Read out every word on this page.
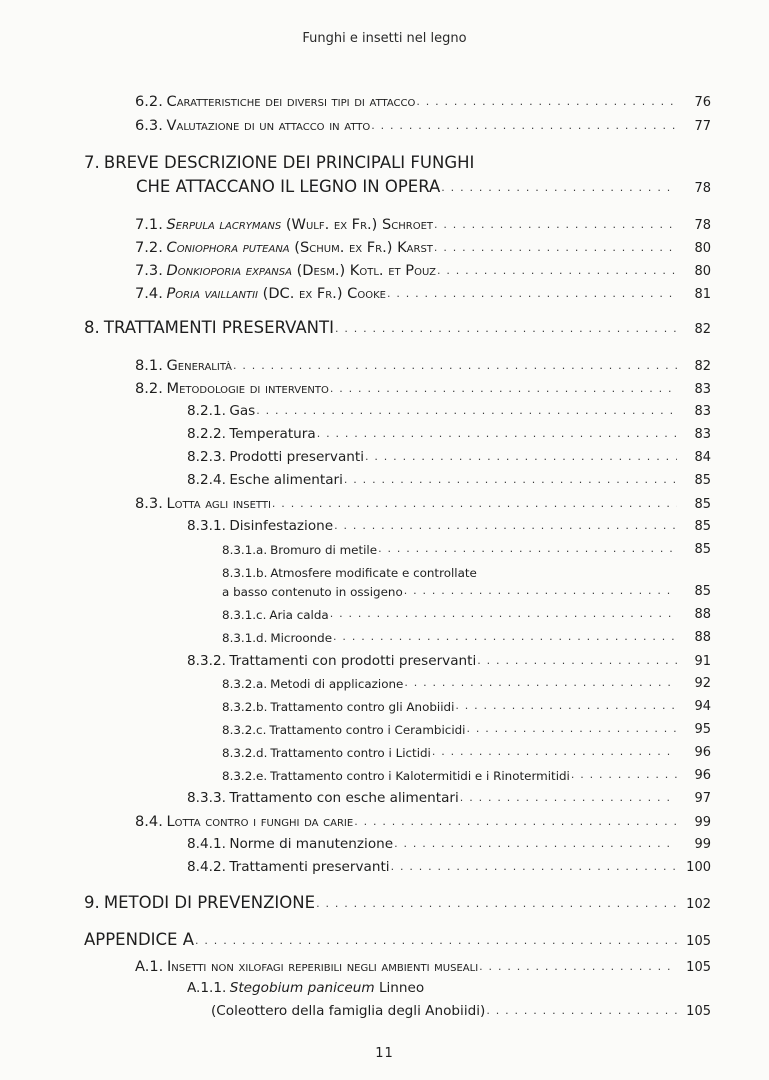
Funghi e insetti nel legno
6.2. Caratteristiche dei diversi tipi di attacco . . .	76
6.3. Valutazione di un attacco in atto . . .	77
7. BREVE DESCRIZIONE DEI PRINCIPALI FUNGHI
CHE ATTACCANO IL LEGNO IN OPERA . . .	78
7.1. Serpula lacrymans (Wulf. ex Fr.) Schroet . . .	78
7.2. Coniophora puteana (Schum. ex Fr.) Karst . . .	80
7.3. Donkioporia expansa (Desm.) Kotl. et Pouz . . .	80
7.4. Poria vaillantii (DC. ex Fr.) Cooke . . .	81
8. TRATTAMENTI PRESERVANTI . . .	82
8.1. Generalità . . .	82
8.2. Metodologie di intervento . . .	83
8.2.1. Gas . . .	83
8.2.2. Temperatura . . .	83
8.2.3. Prodotti preservanti . . .	84
8.2.4. Esche alimentari . . .	85
8.3. Lotta agli insetti . . .	85
8.3.1. Disinfestazione . . .	85
8.3.1.a. Bromuro di metile . . .	85
8.3.1.b. Atmosfere modificate e controllate
a basso contenuto in ossigeno . . .	85
8.3.1.c. Aria calda . . .	88
8.3.1.d. Microonde . . .	88
8.3.2. Trattamenti con prodotti preservanti . . .	91
8.3.2.a. Metodi di applicazione . . .	92
8.3.2.b. Trattamento contro gli Anobiidi . . .	94
8.3.2.c. Trattamento contro i Cerambicidi . . .	95
8.3.2.d. Trattamento contro i Lictidi . . .	96
8.3.2.e. Trattamento contro i Kalotermitidi e i Rinotermitidi . . .	96
8.3.3. Trattamento con esche alimentari . . .	97
8.4. Lotta contro i funghi da carie . . .	99
8.4.1. Norme di manutenzione . . .	99
8.4.2. Trattamenti preservanti . . .	100
9. METODI DI PREVENZIONE . . .	102
APPENDICE A . . .	105
A.1. Insetti non xilofagi reperibili negli ambienti museali . . .	105
A.1.1. Stegobium paniceum Linneo
(Coleottero della famiglia degli Anobiidi) . . .	105
11
